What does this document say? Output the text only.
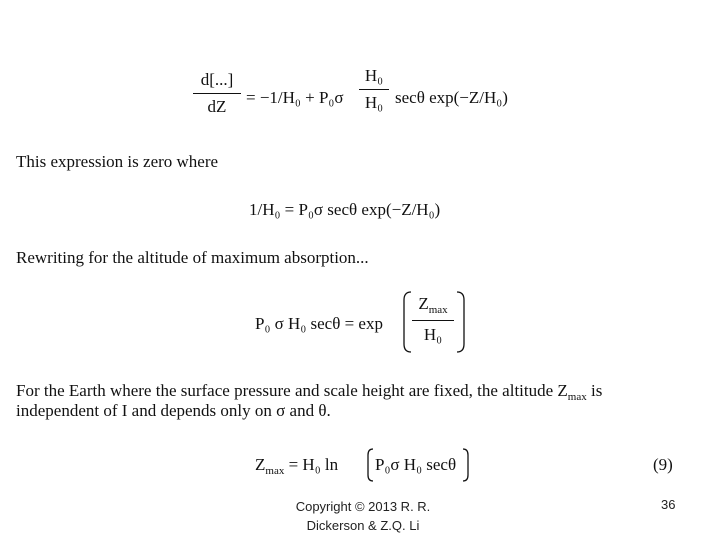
d[...]
dZ = −1/H₀ + P₀σ
H₀
H₀ secθ exp(−Z/H₀)
This expression is zero where
1/H₀ = P₀σ secθ exp(−Z/H₀)
Rewriting for the altitude of maximum absorption...
P₀ σ H₀ secθ = exp
$Z_{max}$
H₀
For the Earth where the surface pressure and scale height are fixed, the altitude $Z_{max}$ is
independent of I and depends only on σ and θ.
$Z_{max} = H_0$ ln P₀σ H₀ secθ	(9)
Copyright © 2013 R. R.
Dickerson & Z.Q. Li
36
